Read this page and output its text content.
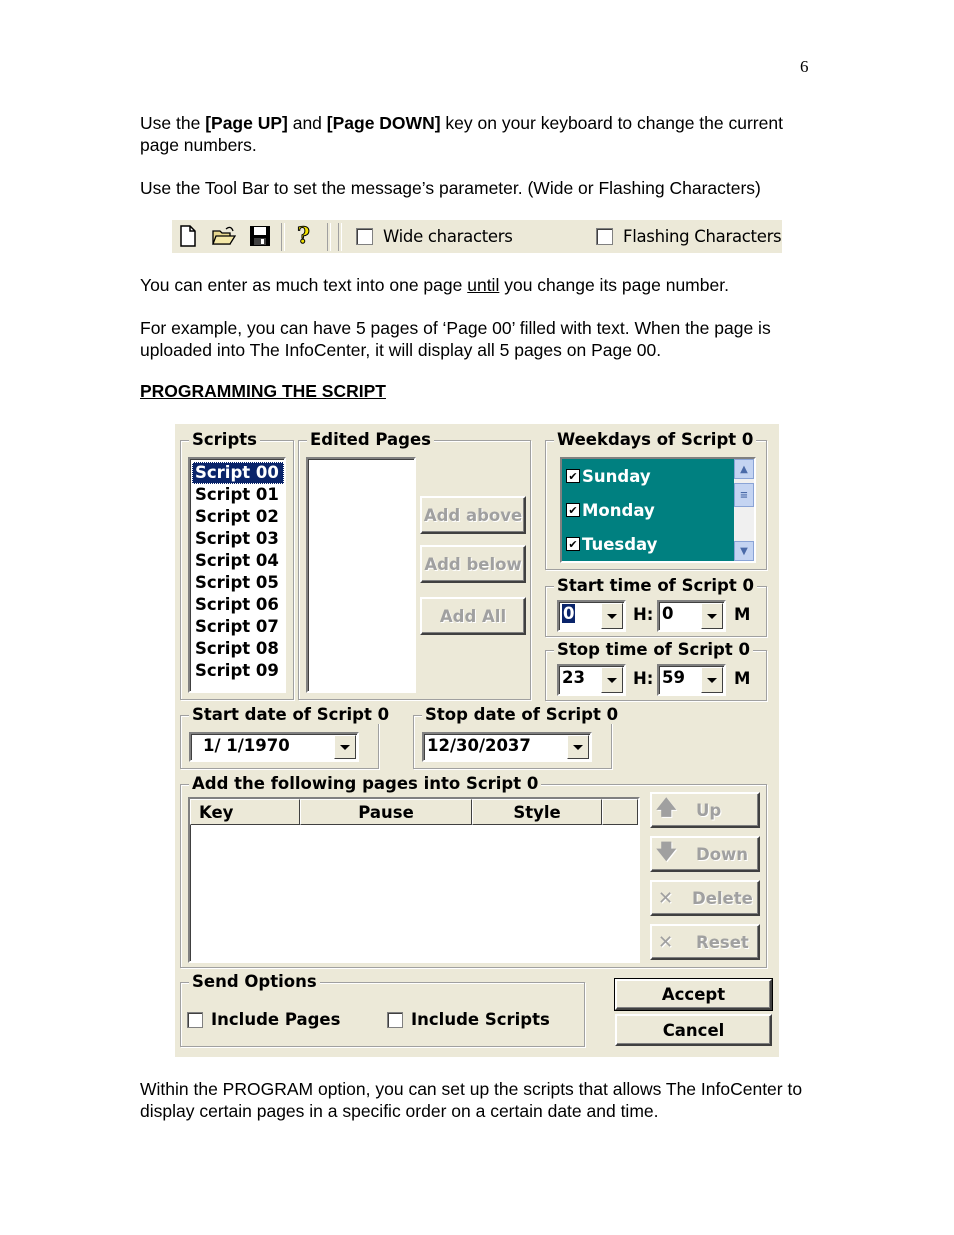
6
Use the [Page UP] and [Page DOWN] key on your keyboard to change the current page numbers.
Use the Tool Bar to set the message’s parameter. (Wide or Flashing Characters)
?	Wide characters	Flashing Characters
You can enter as much text into one page until you change its page number.
For example, you can have 5 pages of ‘Page 00’ filled with text. When the page is uploaded into The InfoCenter, it will display all 5 pages on Page 00.
PROGRAMMING THE SCRIPT
Scripts
Script 00
Script 01
Script 02
Script 03
Script 04
Script 05
Script 06
Script 07
Script 08
Script 09
Edited Pages
Add above
Add below
Add All
Weekdays of Script 0
✔ Sunday
✔ Monday
✔ Tuesday
▲
≡
▼
Start time of Script 0
0	H: 0	M
Stop time of Script 0
23	H: 59	M
Start date of Script 0
1/ 1/1970
Stop date of Script 0
12/30/2037
Add the following pages into Script 0
Key	Pause	Style	🡅	Up
🡇	Down
✕	Delete
✕	Reset
Send Options
Include Pages	Include Scripts
Accept
Cancel
Within the PROGRAM option, you can set up the scripts that allows The InfoCenter to display certain pages in a specific order on a certain date and time.
